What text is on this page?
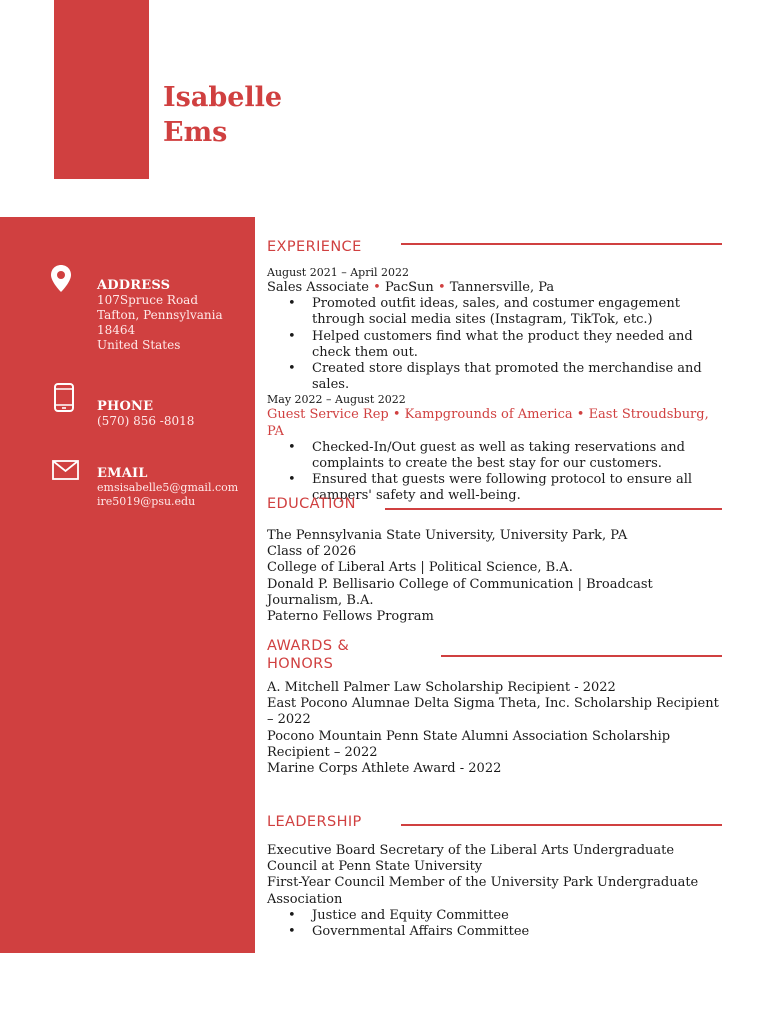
Isabelle
Ems
ADDRESS
107Spruce Road
Tafton, Pennsylvania
18464
United States
PHONE
(570) 856 -8018
EMAIL
emsisabelle5@gmail.com
ire5019@psu.edu
EXPERIENCE
August 2021 – April 2022
Sales Associate • PacSun • Tannersville, Pa
• Promoted outfit ideas, sales, and costumer engagement through social media sites (Instagram, TikTok, etc.)
• Helped customers find what the product they needed and check them out.
• Created store displays that promoted the merchandise and sales.
May 2022 – August 2022
Guest Service Rep • Kampgrounds of America • East Stroudsburg, PA
• Checked-In/Out guest as well as taking reservations and complaints to create the best stay for our customers.
• Ensured that guests were following protocol to ensure all campers' safety and well-being.
EDUCATION
The Pennsylvania State University, University Park, PA
Class of 2026
College of Liberal Arts | Political Science, B.A.
Donald P. Bellisario College of Communication | Broadcast Journalism, B.A.
Paterno Fellows Program
AWARDS &
HONORS
A. Mitchell Palmer Law Scholarship Recipient - 2022
East Pocono Alumnae Delta Sigma Theta, Inc. Scholarship Recipient – 2022
Pocono Mountain Penn State Alumni Association Scholarship Recipient – 2022
Marine Corps Athlete Award - 2022
LEADERSHIP
Executive Board Secretary of the Liberal Arts Undergraduate Council at Penn State University
First-Year Council Member of the University Park Undergraduate Association
• Justice and Equity Committee
• Governmental Affairs Committee
